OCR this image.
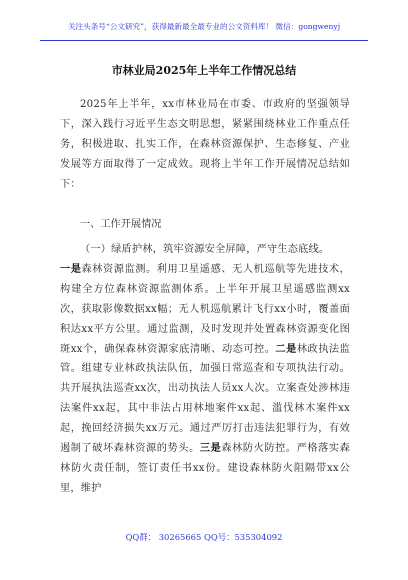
关注头条号“公文研究”，获得最新最全最专业的公文资料库！ 微信：gongwenyj
市林业局2025年上半年工作情况总结

2025年上半年，xx市林业局在市委、市政府的坚强领导下，深入践行习近平生态文明思想，紧紧围绕林业工作重点任务，积极进取、扎实工作，在森林资源保护、生态修复、产业发展等方面取得了一定成效。现将上半年工作开展情况总结如下：

一、工作开展情况

（一）绿盾护林，筑牢资源安全屏障，严守生态底线。

一是森林资源监测。利用卫星遥感、无人机巡航等先进技术，构建全方位森林资源监测体系。上半年开展卫星遥感监测xx次，获取影像数据xx幅；无人机巡航累计飞行xx小时，覆盖面积达xx平方公里。通过监测，及时发现并处置森林资源变化图斑xx个，确保森林资源家底清晰、动态可控。二是林政执法监管。组建专业林政执法队伍，加强日常巡查和专项执法行动。共开展执法巡查xx次，出动执法人员xx人次。立案查处涉林违法案件xx起，其中非法占用林地案件xx起、滥伐林木案件xx起，挽回经济损失xx万元。通过严厉打击违法犯罪行为，有效遏制了破坏森林资源的势头。三是森林防火防控。严格落实森林防火责任制，签订责任书xx份。建设森林防火阻隔带xx公里，维护

QQ群： 30265665 QQ号：535304092
